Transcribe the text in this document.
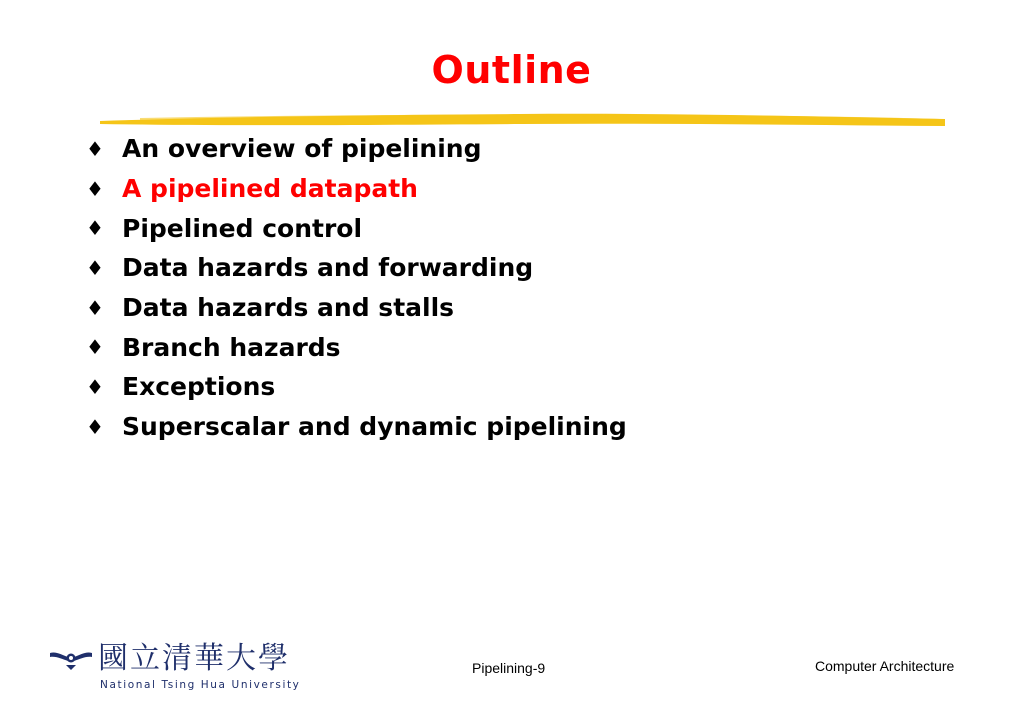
Outline
♦ An overview of pipelining
♦ A pipelined datapath
♦ Pipelined control
♦ Data hazards and forwarding
♦ Data hazards and stalls
♦ Branch hazards
♦ Exceptions
♦ Superscalar and dynamic pipelining
國立清華大學
National Tsing Hua University
Pipelining-9	Computer Architecture
